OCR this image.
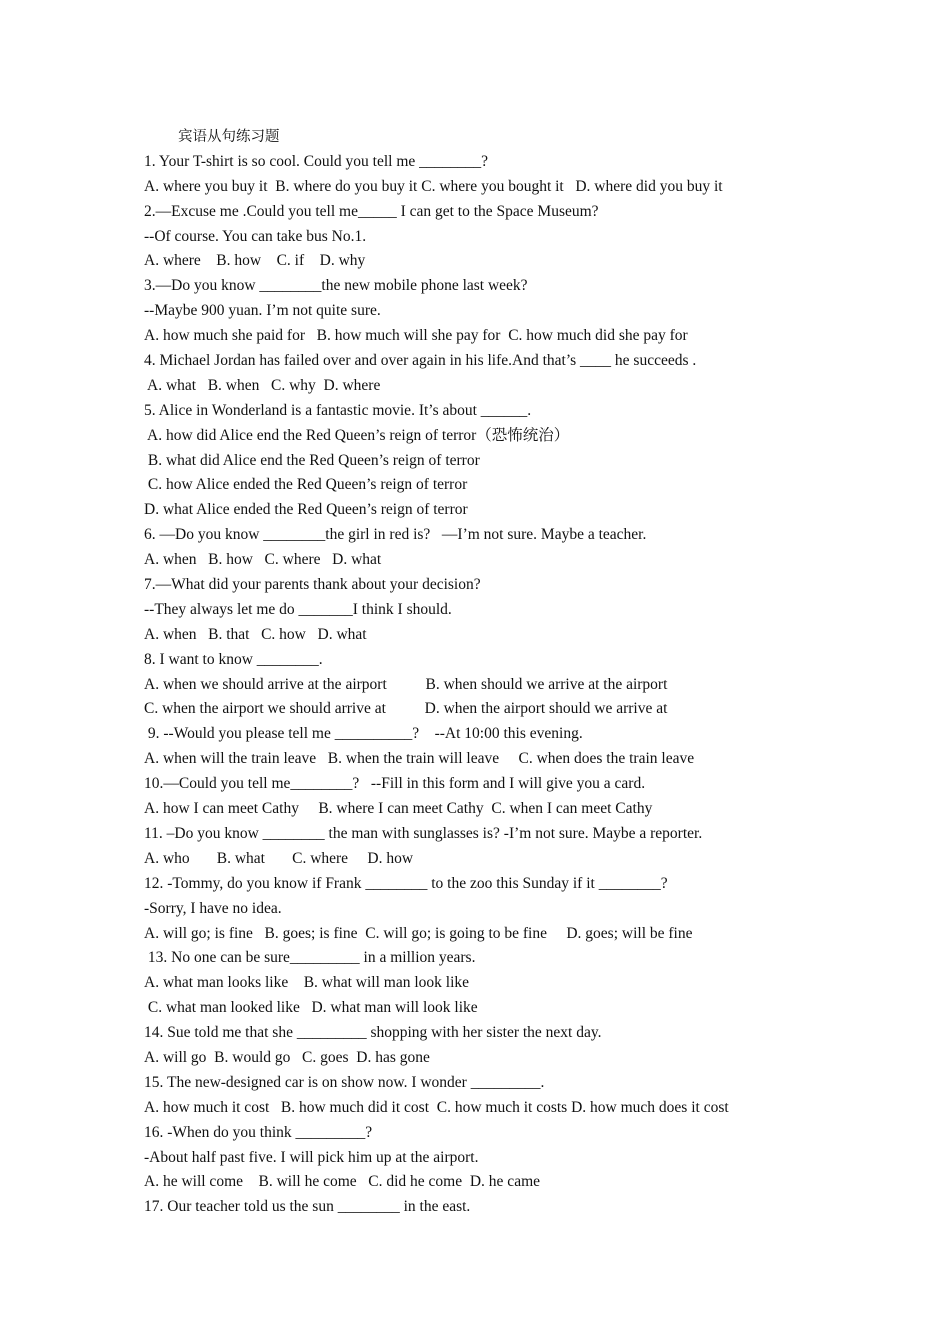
宾语从句练习题
1. Your T-shirt is so cool. Could you tell me ________?
A. where you buy it  B. where do you buy it C. where you bought it   D. where did you buy it
2.—Excuse me .Could you tell me_____ I can get to the Space Museum?
--Of course. You can take bus No.1.
A. where    B. how    C. if    D. why
3.—Do you know ________the new mobile phone last week?
--Maybe 900 yuan. I’m not quite sure.
A. how much she paid for   B. how much will she pay for  C. how much did she pay for
4. Michael Jordan has failed over and over again in his life.And that’s ____ he succeeds .
A. what   B. when   C. why  D. where
5. Alice in Wonderland is a fantastic movie. It’s about ______.
A. how did Alice end the Red Queen’s reign of terror（恐怖统治）
B. what did Alice end the Red Queen’s reign of terror
C. how Alice ended the Red Queen’s reign of terror
D. what Alice ended the Red Queen’s reign of terror
6. —Do you know ________the girl in red is?   —I’m not sure. Maybe a teacher.
A. when   B. how   C. where   D. what
7.—What did your parents thank about your decision?
--They always let me do _______I think I should.
A. when   B. that   C. how   D. what
8. I want to know ________.
A. when we should arrive at the airport          B. when should we arrive at the airport
C. when the airport we should arrive at          D. when the airport should we arrive at
9. --Would you please tell me __________?    --At 10:00 this evening.
A. when will the train leave   B. when the train will leave     C. when does the train leave
10.—Could you tell me________?   --Fill in this form and I will give you a card.
A. how I can meet Cathy     B. where I can meet Cathy  C. when I can meet Cathy
11. –Do you know ________ the man with sunglasses is? -I’m not sure. Maybe a reporter.
A. who       B. what       C. where     D. how
12. -Tommy, do you know if Frank ________ to the zoo this Sunday if it ________?
-Sorry, I have no idea.
A. will go; is fine   B. goes; is fine  C. will go; is going to be fine     D. goes; will be fine
13. No one can be sure_________ in a million years.
A. what man looks like    B. what will man look like
C. what man looked like   D. what man will look like
14. Sue told me that she _________ shopping with her sister the next day.
A. will go  B. would go   C. goes  D. has gone
15. The new-designed car is on show now. I wonder _________.
A. how much it cost   B. how much did it cost  C. how much it costs D. how much does it cost
16. -When do you think _________?
-About half past five. I will pick him up at the airport.
A. he will come    B. will he come   C. did he come  D. he came
17. Our teacher told us the sun ________ in the east.
